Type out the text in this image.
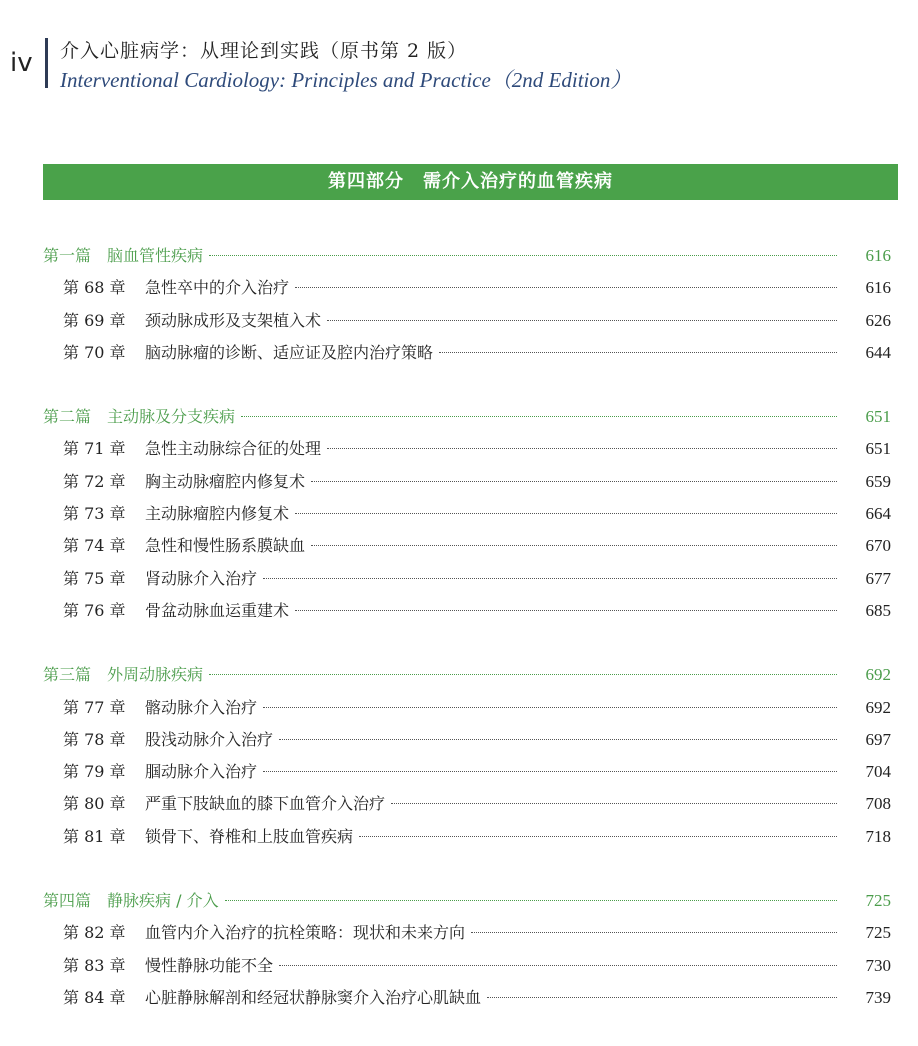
iv 介入心脏病学：从理论到实践（原书第 2 版）
Interventional Cardiology: Principles and Practice（2nd Edition）
第四部分　需介入治疗的血管疾病
第一篇　脑血管性疾病	616
第 68 章	急性卒中的介入治疗	616
第 69 章	颈动脉成形及支架植入术	626
第 70 章	脑动脉瘤的诊断、适应证及腔内治疗策略	644
第二篇　主动脉及分支疾病	651
第 71 章	急性主动脉综合征的处理	651
第 72 章	胸主动脉瘤腔内修复术	659
第 73 章	主动脉瘤腔内修复术	664
第 74 章	急性和慢性肠系膜缺血	670
第 75 章	肾动脉介入治疗	677
第 76 章	骨盆动脉血运重建术	685
第三篇　外周动脉疾病	692
第 77 章	髂动脉介入治疗	692
第 78 章	股浅动脉介入治疗	697
第 79 章	腘动脉介入治疗	704
第 80 章	严重下肢缺血的膝下血管介入治疗	708
第 81 章	锁骨下、脊椎和上肢血管疾病	718
第四篇　静脉疾病 / 介入	725
第 82 章	血管内介入治疗的抗栓策略：现状和未来方向	725
第 83 章	慢性静脉功能不全	730
第 84 章	心脏静脉解剖和经冠状静脉窦介入治疗心肌缺血	739
